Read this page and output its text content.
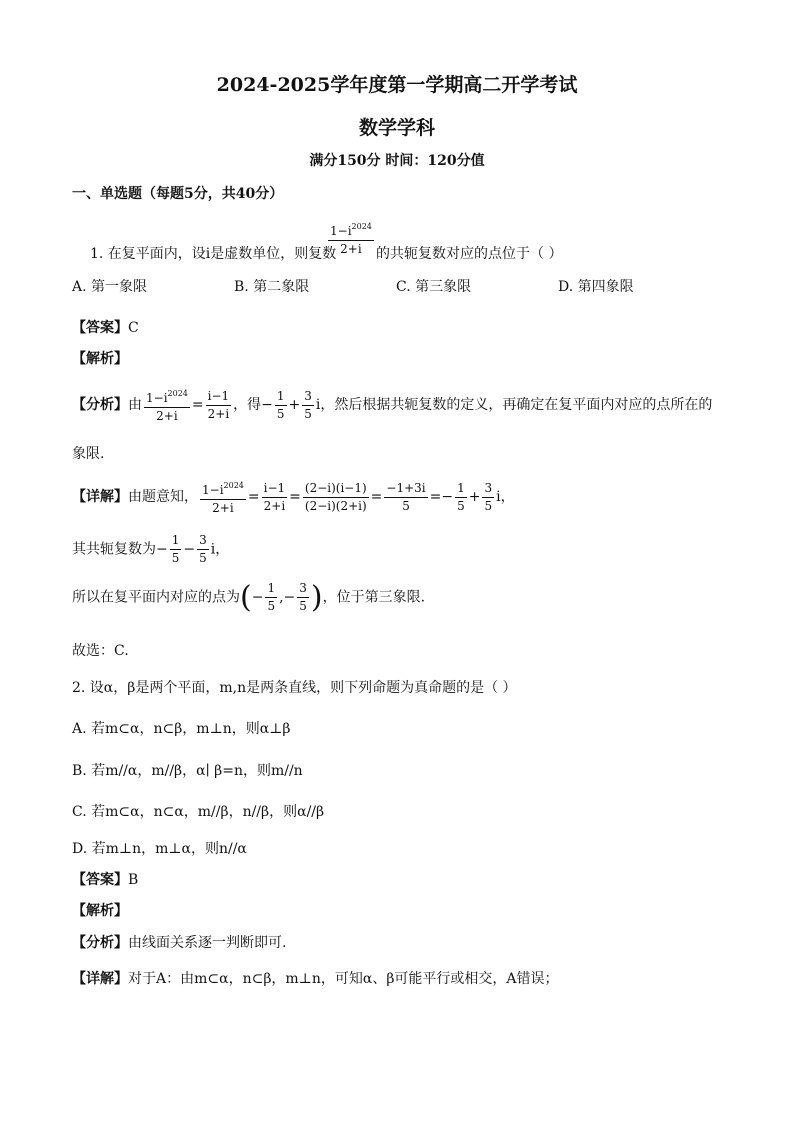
2024-2025学年度第一学期高二开学考试
数学学科
满分150分 时间：120分值
一、单选题（每题5分，共40分）
1. 在复平面内，设i是虚数单位，则复数
$\frac{1-i^{2024}}{2+i}$ 的共轭复数对应的点位于（ ）
A. 第一象限	B. 第二象限	C. 第三象限	D. 第四象限
【答案】C
【解析】
【分析】由 $\frac{1-i^{2024}}{2+i} = \frac{i-1}{2+i}$ ，得− $\frac{1}{5} + \frac{3}{5}$ i，然后根据共轭复数的定义，再确定在复平面内对应的点所在的
象限.
【详解】由题意知， $\frac{1-i^{2024}}{2+i} = \frac{i-1}{2+i} = \frac{(2-i)(i-1)}{(2-i)(2+i)} = \frac{-1+3i}{5} =- \frac{1}{5} + \frac{3}{5}$ i，
其共轭复数为− $\frac{1}{5} - \frac{3}{5}$ i，
所以在复平面内对应的点为(− $\frac{1}{5}$ ,− $\frac{3}{5}$ )，位于第三象限.
故选：C.
2. 设α，β是两个平面，m,n是两条直线，则下列命题为真命题的是（ ）
A. 若m⊂α，n⊂β，m⊥n，则α⊥β
B. 若m//α，m//β，α∣ β=n，则m//n
C. 若m⊂α，n⊂α，m//β，n//β，则α//β
D. 若m⊥n，m⊥α，则n//α
【答案】B
【解析】
【分析】由线面关系逐一判断即可.
【详解】对于A：由m⊂α，n⊂β，m⊥n，可知α、β可能平行或相交，A错误；
